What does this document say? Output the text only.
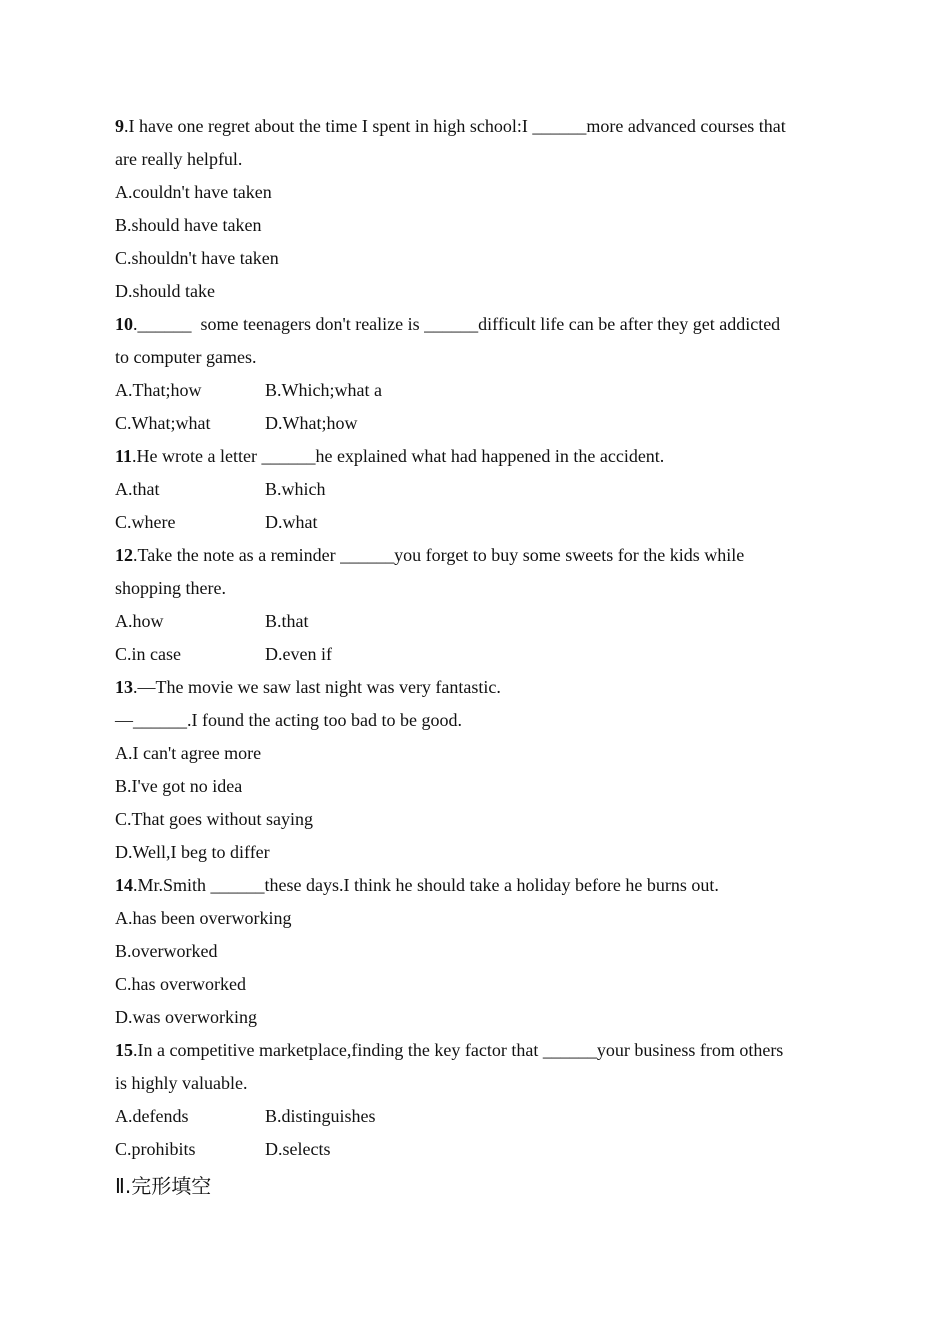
9.I have one regret about the time I spent in high school:I ______more advanced courses that
are really helpful.
A.couldn't have taken
B.should have taken
C.shouldn't have taken
D.should take
10.______  some teenagers don't realize is ______difficult life can be after they get addicted
to computer games.
A.That;how	B.Which;what a
C.What;what	D.What;how
11.He wrote a letter ______he explained what had happened in the accident.
A.that	B.which
C.where	D.what
12.Take the note as a reminder ______you forget to buy some sweets for the kids while
shopping there.
A.how	B.that
C.in case	D.even if
13.—The movie we saw last night was very fantastic.
—______.I found the acting too bad to be good.
A.I can't agree more
B.I've got no idea
C.That goes without saying
D.Well,I beg to differ
14.Mr.Smith ______these days.I think he should take a holiday before he burns out.
A.has been overworking
B.overworked
C.has overworked
D.was overworking
15.In a competitive marketplace,finding the key factor that ______your business from others
is highly valuable.
A.defends	B.distinguishes
C.prohibits	D.selects
Ⅱ.完形填空
